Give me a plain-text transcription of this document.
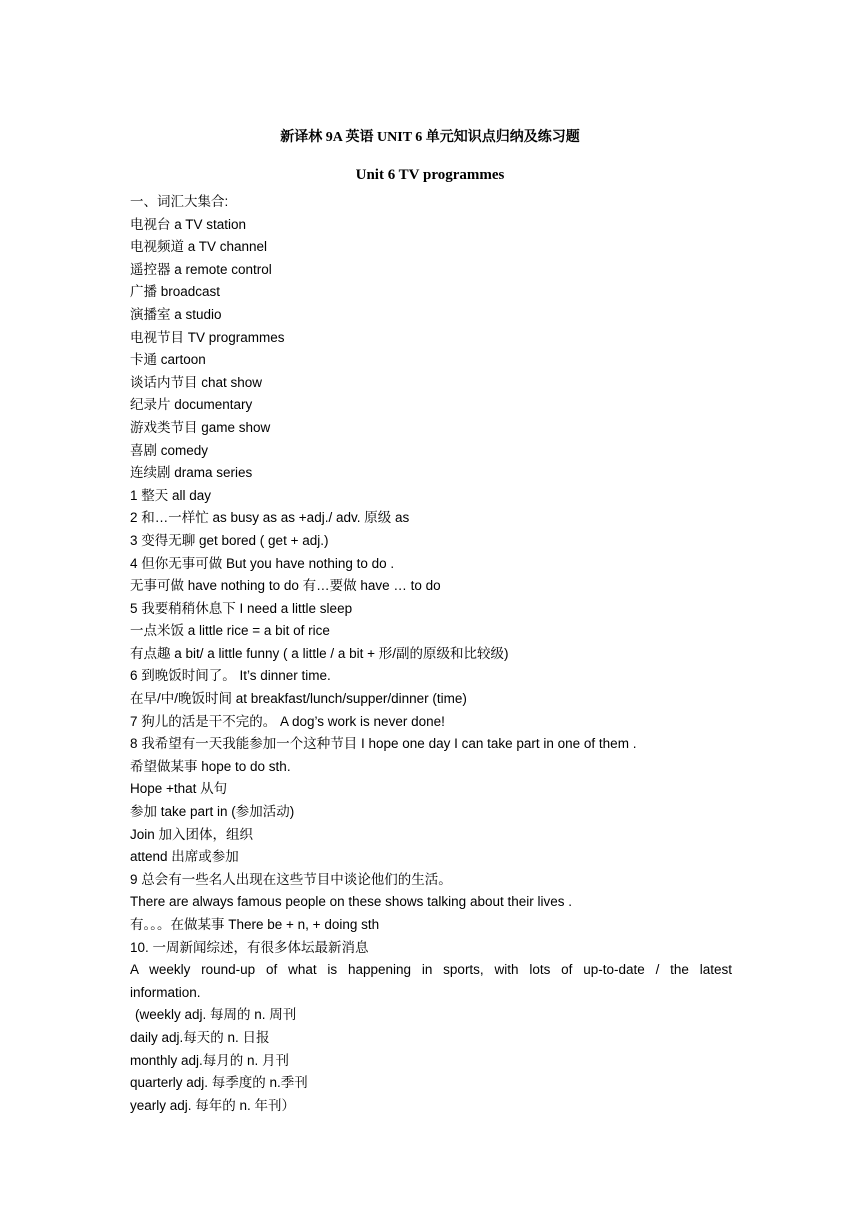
新译林 9A 英语 UNIT 6 单元知识点归纳及练习题
Unit 6 TV programmes
一、词汇大集合:
电视台 a TV station
电视频道 a TV channel
遥控器 a remote control
广播 broadcast
演播室 a studio
电视节目 TV programmes
卡通 cartoon
谈话内节目 chat show
纪录片 documentary
游戏类节目 game show
喜剧 comedy
连续剧 drama series
1 整天 all day
2 和…一样忙 as busy as as +adj./ adv. 原级 as
3 变得无聊 get bored ( get + adj.)
4 但你无事可做 But you have nothing to do .
无事可做 have nothing to do 有…要做 have … to do
5 我要稍稍休息下 I need a little sleep
一点米饭 a little rice = a bit of rice
有点趣 a bit/ a little funny ( a little / a bit + 形/副的原级和比较级)
6 到晚饭时间了。 It’s dinner time.
在早/中/晚饭时间 at breakfast/lunch/supper/dinner (time)
7 狗儿的活是干不完的。 A dog’s work is never done!
8 我希望有一天我能参加一个这种节目 I hope one day I can take part in one of them .
希望做某事 hope to do sth.
Hope +that 从句
参加 take part in (参加活动)
Join 加入团体，组织
attend 出席或参加
9 总会有一些名人出现在这些节目中谈论他们的生活。
There are always famous people on these shows talking about their lives .
有。。。在做某事 There be + n, + doing sth
10. 一周新闻综述，有很多体坛最新消息
A weekly round-up of what is happening in sports, with lots of up-to-date / the latest
information.
(weekly adj. 每周的 n. 周刊
daily adj.每天的 n. 日报
monthly adj.每月的 n. 月刊
quarterly adj. 每季度的 n.季刊
yearly adj. 每年的 n. 年刊）
